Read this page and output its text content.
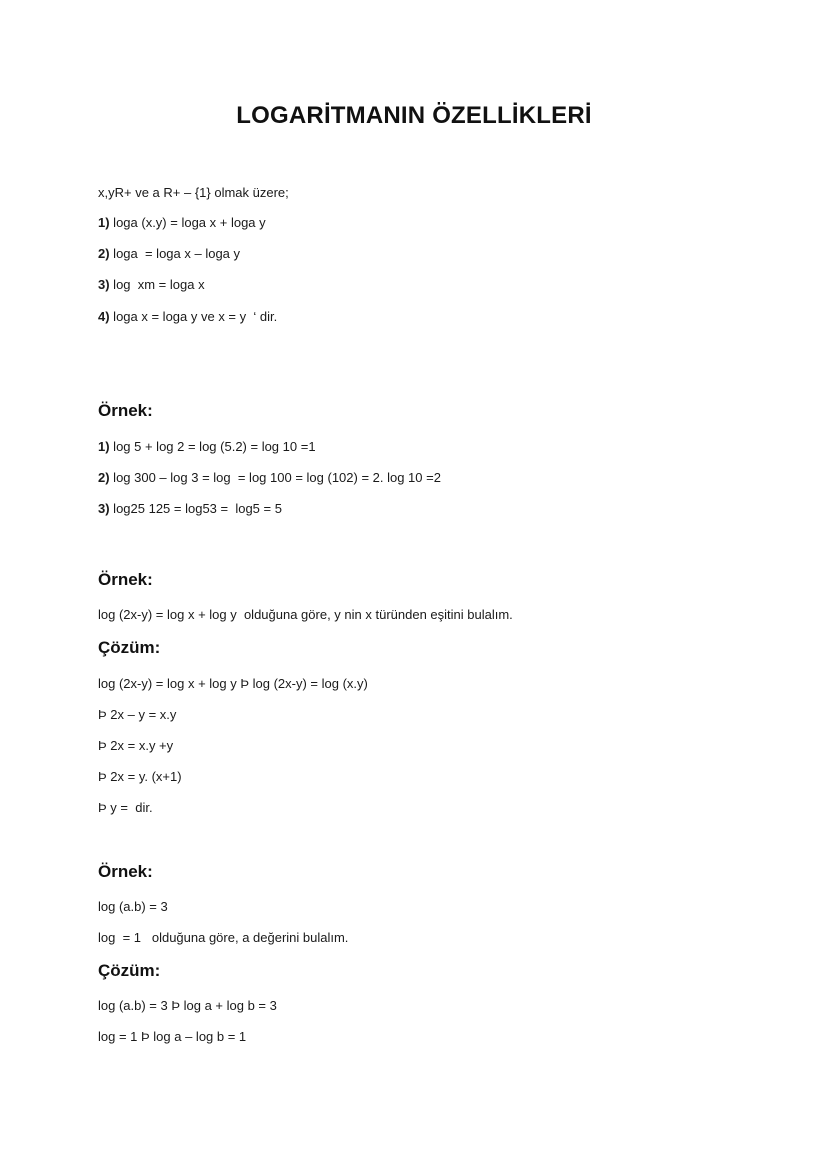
LOGARİTMANIN ÖZELLİKLERİ
x,yR+ ve a R+ – {1} olmak üzere;
1) loga (x.y) = loga x + loga y
2) loga  = loga x – loga y
3) log  xm = loga x
4) loga x = loga y ve x = y  ‘ dir.
Örnek:
1) log 5 + log 2 = log (5.2) = log 10 =1
2) log 300 – log 3 = log  = log 100 = log (102) = 2. log 10 =2
3) log25 125 = log53 =  log5 = 5
Örnek:
log (2x-y) = log x + log y  olduğuna göre, y nin x türünden eşitini bulalım.
Çözüm:
log (2x-y) = log x + log y Þ log (2x-y) = log (x.y)
Þ 2x – y = x.y
Þ 2x = x.y +y
Þ 2x = y. (x+1)
Þ y =  dir.
Örnek:
log (a.b) = 3
log  = 1   olduğuna göre, a değerini bulalım.
Çözüm:
log (a.b) = 3 Þ log a + log b = 3
log = 1 Þ log a – log b = 1
